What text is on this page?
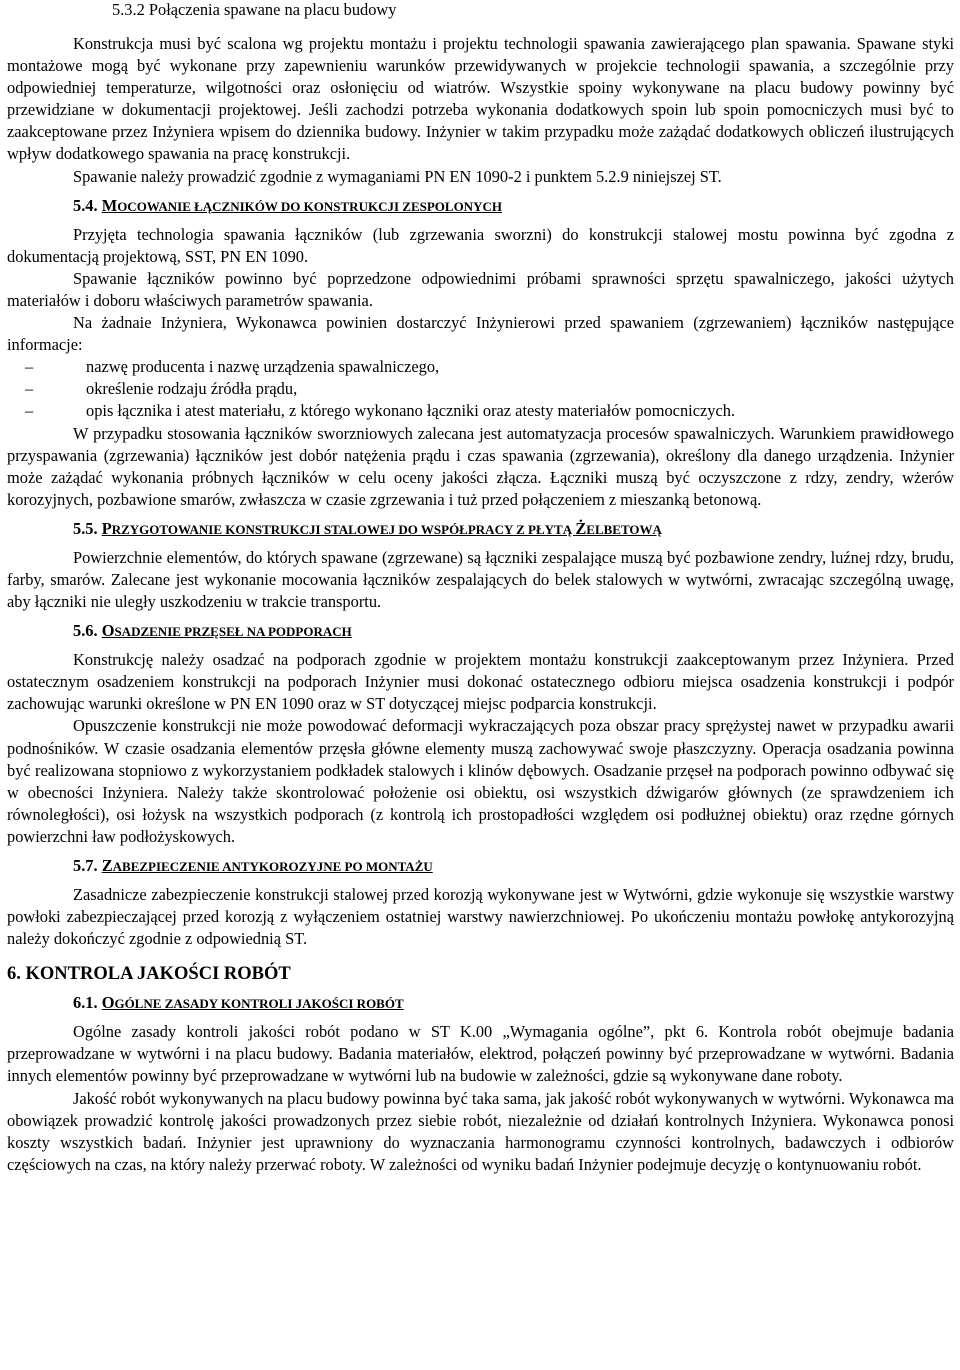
5.3.2 Połączenia spawane na placu budowy

Konstrukcja musi być scalona wg projektu montażu i projektu technologii spawania zawierającego plan spawania. Spawane styki montażowe mogą być wykonane przy zapewnieniu warunków przewidywanych w projekcie technologii spawania, a szczególnie przy odpowiedniej temperaturze, wilgotności oraz osłonięciu od wiatrów. Wszystkie spoiny wykonywane na placu budowy powinny być przewidziane w dokumentacji projektowej. Jeśli zachodzi potrzeba wykonania dodatkowych spoin lub spoin pomocniczych musi być to zaakceptowane przez Inżyniera wpisem do dziennika budowy. Inżynier w takim przypadku może zażądać dodatkowych obliczeń ilustrujących wpływ dodatkowego spawania na pracę konstrukcji.

Spawanie należy prowadzić zgodnie z wymaganiami PN EN 1090-2 i punktem 5.2.9 niniejszej ST.

5.4. MOCOWANIE ŁĄCZNIKÓW DO KONSTRUKCJI ZESPOLONYCH

Przyjęta technologia spawania łączników (lub zgrzewania sworzni) do konstrukcji stalowej mostu powinna być zgodna z dokumentacją projektową, SST, PN EN 1090.

Spawanie łączników powinno być poprzedzone odpowiednimi próbami sprawności sprzętu spawalniczego, jakości użytych materiałów i doboru właściwych parametrów spawania.

Na żadnaie Inżyniera, Wykonawca powinien dostarczyć Inżynierowi przed spawaniem (zgrzewaniem) łączników następujące informacje:

–	nazwę producenta i nazwę urządzenia spawalniczego,
–	określenie rodzaju źródła prądu,
–	opis łącznika i atest materiału, z którego wykonano łączniki oraz atesty materiałów pomocniczych.

W przypadku stosowania łączników sworzniowych zalecana jest automatyzacja procesów spawalniczych. Warunkiem prawidłowego przyspawania (zgrzewania) łączników jest dobór natężenia prądu i czas spawania (zgrzewania), określony dla danego urządzenia. Inżynier może zażądać wykonania próbnych łączników w celu oceny jakości złącza. Łączniki muszą być oczyszczone z rdzy, zendry, wżerów korozyjnych, pozbawione smarów, zwłaszcza w czasie zgrzewania i tuż przed połączeniem z mieszanką betonową.

5.5. PRZYGOTOWANIE KONSTRUKCJI STALOWEJ DO WSPÓŁPRACY Z PŁYTĄ ŻELBETOWĄ

Powierzchnie elementów, do których spawane (zgrzewane) są łączniki zespalające muszą być pozbawione zendry, luźnej rdzy, brudu, farby, smarów. Zalecane jest wykonanie mocowania łączników zespalających do belek stalowych w wytwórni, zwracając szczególną uwagę, aby łączniki nie uległy uszkodzeniu w trakcie transportu.

5.6. OSADZENIE PRZĘSEŁ NA PODPORACH

Konstrukcję należy osadzać na podporach zgodnie w projektem montażu konstrukcji zaakceptowanym przez Inżyniera. Przed ostatecznym osadzeniem konstrukcji na podporach Inżynier musi dokonać ostatecznego odbioru miejsca osadzenia konstrukcji i podpór zachowując warunki określone w PN EN 1090 oraz w ST dotyczącej miejsc podparcia konstrukcji.

Opuszczenie konstrukcji nie może powodować deformacji wykraczających poza obszar pracy sprężystej nawet w przypadku awarii podnośników. W czasie osadzania elementów przęsła główne elementy muszą zachowywać swoje płaszczyzny. Operacja osadzania powinna być realizowana stopniowo z wykorzystaniem podkładek stalowych i klinów dębowych. Osadzanie przęseł na podporach powinno odbywać się w obecności Inżyniera. Należy także skontrolować położenie osi obiektu, osi wszystkich dźwigarów głównych (ze sprawdzeniem ich równoległości), osi łożysk na wszystkich podporach (z kontrolą ich prostopadłości względem osi podłużnej obiektu) oraz rzędne górnych powierzchni ław podłożyskowych.

5.7. ZABEZPIECZENIE ANTYKOROZYJNE PO MONTAŻU

Zasadnicze zabezpieczenie konstrukcji stalowej przed korozją wykonywane jest w Wytwórni, gdzie wykonuje się wszystkie warstwy powłoki zabezpieczającej przed korozją z wyłączeniem ostatniej warstwy nawierzchniowej. Po ukończeniu montażu powłokę antykorozyjną należy dokończyć zgodnie z odpowiednią ST.

6. KONTROLA JAKOŚCI ROBÓT

6.1. OGÓLNE ZASADY KONTROLI JAKOŚCI ROBÓT

Ogólne zasady kontroli jakości robót podano w ST K.00 „Wymagania ogólne”, pkt 6. Kontrola robót obejmuje badania przeprowadzane w wytwórni i na placu budowy. Badania materiałów, elektrod, połączeń powinny być przeprowadzane w wytwórni. Badania innych elementów powinny być przeprowadzane w wytwórni lub na budowie w zależności, gdzie są wykonywane dane roboty.

Jakość robót wykonywanych na placu budowy powinna być taka sama, jak jakość robót wykonywanych w wytwórni. Wykonawca ma obowiązek prowadzić kontrolę jakości prowadzonych przez siebie robót, niezależnie od działań kontrolnych Inżyniera. Wykonawca ponosi koszty wszystkich badań. Inżynier jest uprawniony do wyznaczania harmonogramu czynności kontrolnych, badawczych i odbiorów częściowych na czas, na który należy przerwać roboty. W zależności od wyniku badań Inżynier podejmuje decyzję o kontynuowaniu robót.
